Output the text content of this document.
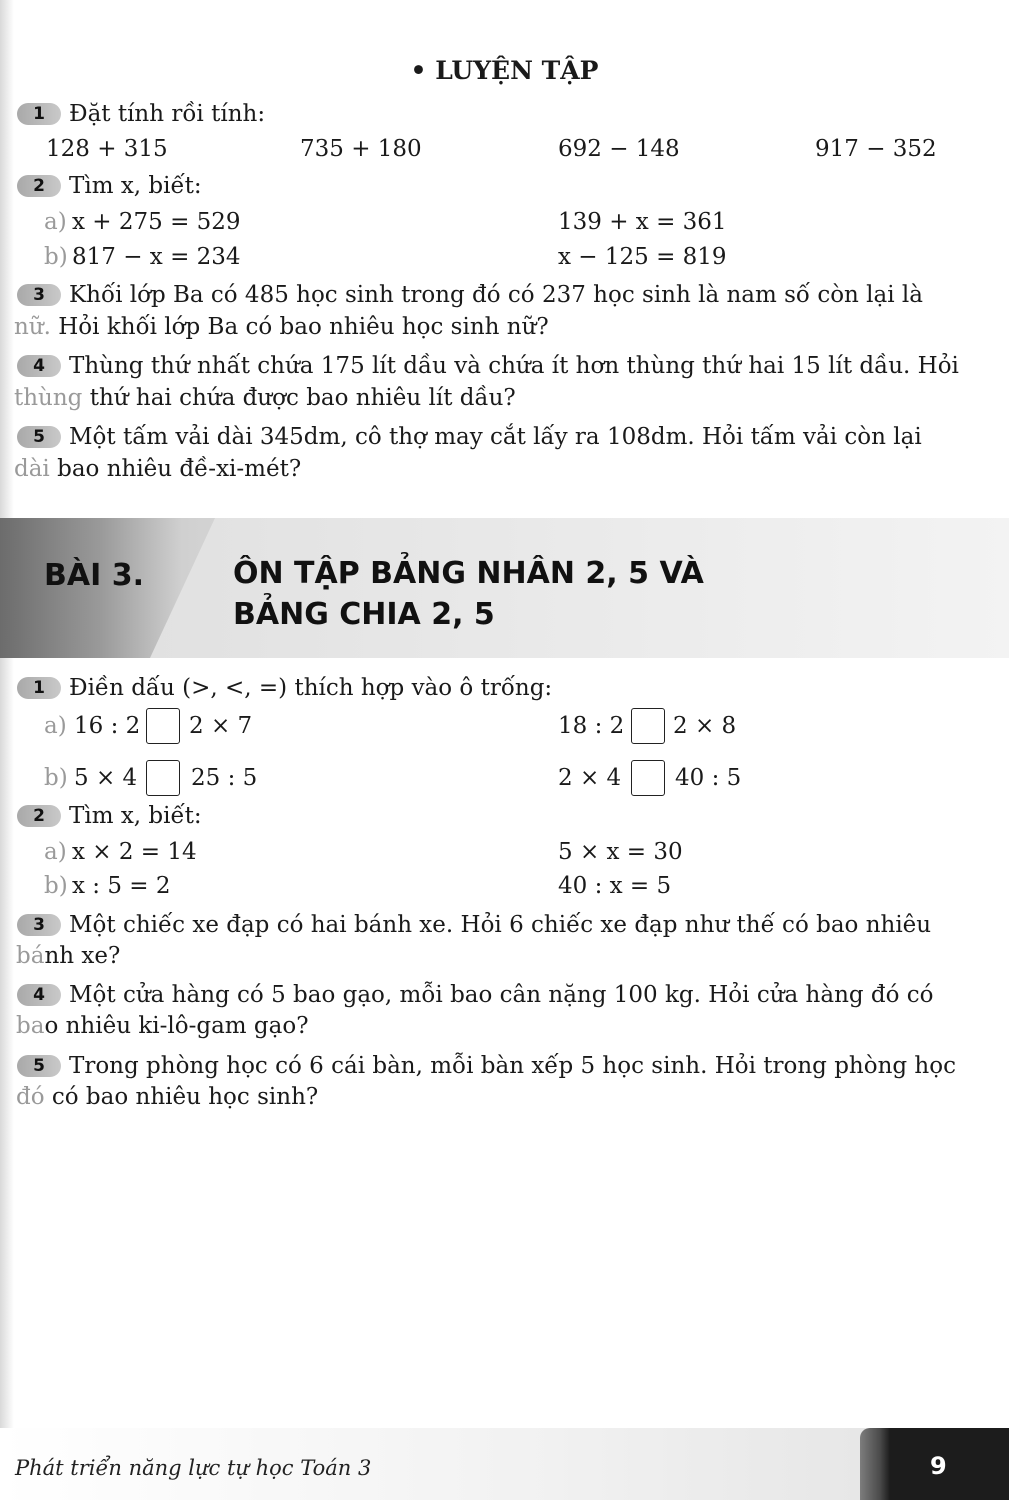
• LUYỆN TẬP
1	Đặt tính rồi tính:
128 + 315	735 + 180	692 − 148	917 − 352
2	Tìm x, biết:
a) x + 275 = 529	139 + x = 361
b) 817 − x = 234	x − 125 = 819
3	Khối lớp Ba có 485 học sinh trong đó có 237 học sinh là nam số còn lại là
nữ. Hỏi khối lớp Ba có bao nhiêu học sinh nữ?
4	Thùng thứ nhất chứa 175 lít dầu và chứa ít hơn thùng thứ hai 15 lít dầu. Hỏi
thùng thứ hai chứa được bao nhiêu lít dầu?
5	Một tấm vải dài 345dm, cô thợ may cắt lấy ra 108dm. Hỏi tấm vải còn lại
dài bao nhiêu đề-xi-mét?
BÀI 3.	ÔN TẬP BẢNG NHÂN 2, 5 VÀ
BẢNG CHIA 2, 5
1	Điền dấu (>, <, =) thích hợp vào ô trống:
a) 16 : 2 2 × 7	18 : 2 2 × 8
b) 5 × 4 25 : 5	2 × 4 40 : 5
2	Tìm x, biết:
a) x × 2 = 14	5 × x = 30
b) x : 5 = 2	40 : x = 5
3	Một chiếc xe đạp có hai bánh xe. Hỏi 6 chiếc xe đạp như thế có bao nhiêu
bánh xe?
4	Một cửa hàng có 5 bao gạo, mỗi bao cân nặng 100 kg. Hỏi cửa hàng đó có
bao nhiêu ki-lô-gam gạo?
5	Trong phòng học có 6 cái bàn, mỗi bàn xếp 5 học sinh. Hỏi trong phòng học
đó có bao nhiêu học sinh?
Phát triển năng lực tự học Toán 3	9
